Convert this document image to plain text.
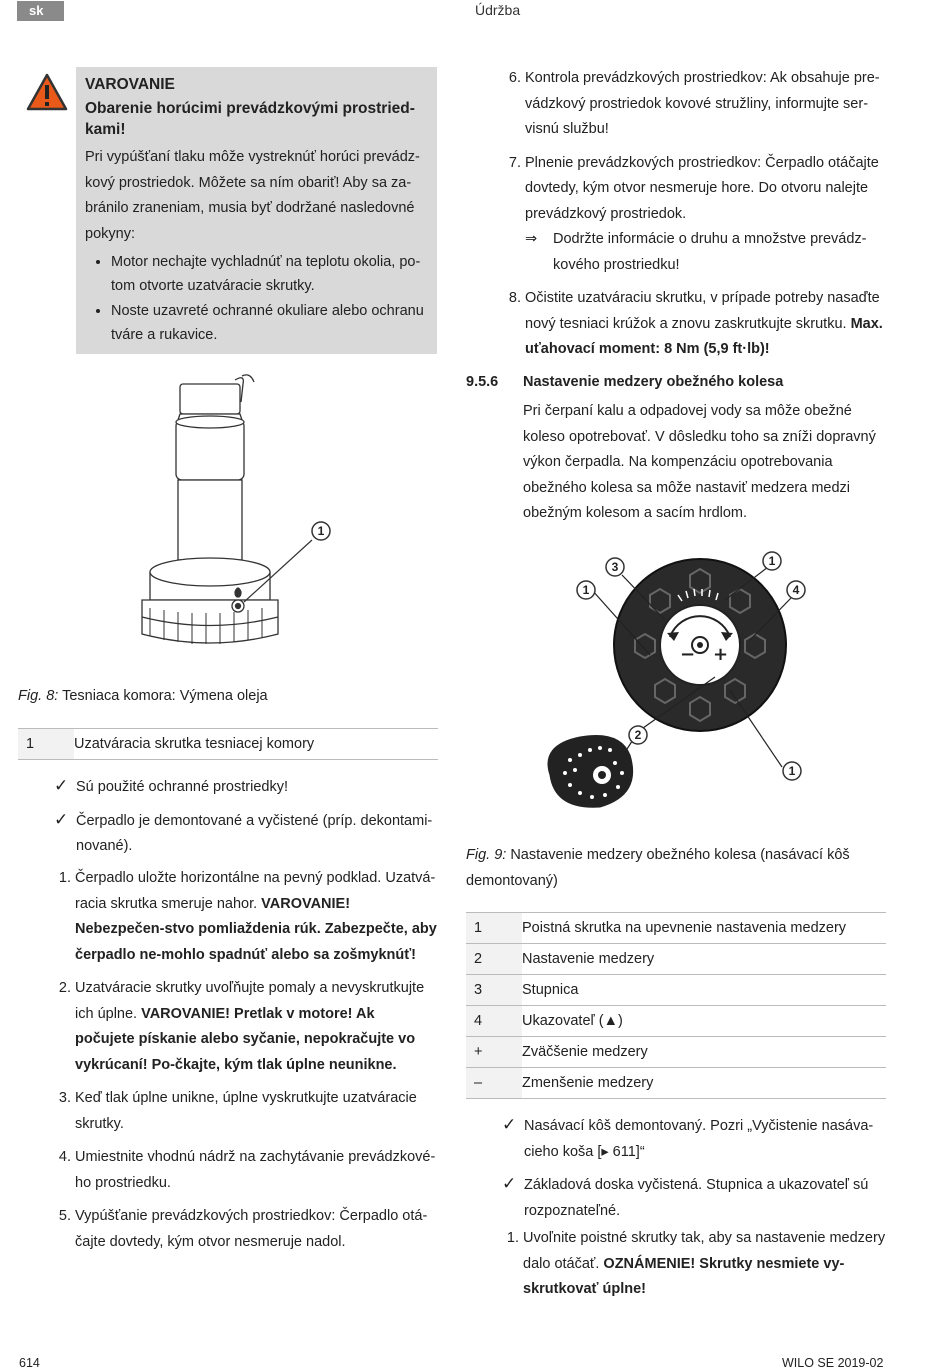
sk	Údržba
VAROVANIE
Obarenie horúcimi prevádzkovými prostried-kami!
Pri vypúšťaní tlaku môže vystreknúť horúci prevádz-kový prostriedok. Môžete sa ním obariť! Aby sa za-bránilo zraneniam, musia byť dodržané nasledovné pokyny:
• Motor nechajte vychladnúť na teplotu okolia, po-tom otvorte uzatváracie skrutky.
• Noste uzavreté ochranné okuliare alebo ochranu tváre a rukavice.
1
Fig. 8: Tesniaca komora: Výmena oleja
1	Uzatváracia skrutka tesniacej komory
✓ Sú použité ochranné prostriedky!
✓ Čerpadlo je demontované a vyčistené (príp. dekontami-nované).
1. Čerpadlo uložte horizontálne na pevný podklad. Uzatvá-racia skrutka smeruje nahor. VAROVANIE! Nebezpečen-stvo pomliaždenia rúk. Zabezpečte, aby čerpadlo ne-mohlo spadnúť alebo sa zošmyknúť!
2. Uzatváracie skrutky uvoľňujte pomaly a nevyskrutkujte ich úplne. VAROVANIE! Pretlak v motore! Ak počujete pískanie alebo syčanie, nepokračujte vo vykrúcaní! Po-čkajte, kým tlak úplne neunikne.
3. Keď tlak úplne unikne, úplne vyskrutkujte uzatváracie skrutky.
4. Umiestnite vhodnú nádrž na zachytávanie prevádzkové-ho prostriedku.
5. Vypúšťanie prevádzkových prostriedkov: Čerpadlo otá-čajte dovtedy, kým otvor nesmeruje nadol.
6. Kontrola prevádzkových prostriedkov: Ak obsahuje pre-vádzkový prostriedok kovové stružliny, informujte ser-visnú službu!
7. Plnenie prevádzkových prostriedkov: Čerpadlo otáčajte dovtedy, kým otvor nesmeruje hore. Do otvoru nalejte prevádzkový prostriedok.
⇒ Dodržte informácie o druhu a množstve prevádz-kového prostriedku!
8. Očistite uzatváraciu skrutku, v prípade potreby nasaďte nový tesniaci krúžok a znovu zaskrutkujte skrutku. Max. uťahovací moment: 8 Nm (5,9 ft·lb)!
9.5.6 Nastavenie medzery obežného kolesa
Pri čerpaní kalu a odpadovej vody sa môže obežné koleso opotrebovať. V dôsledku toho sa zníži dopravný výkon čerpadla. Na kompenzáciu opotrebovania obežného kolesa sa môže nastaviť medzera medzi obežným kolesom a sacím hrdlom.
− +
3
1
1
4
2
1
Fig. 9: Nastavenie medzery obežného kolesa (nasávací kôš demontovaný)
1	Poistná skrutka na upevnenie nastavenia medzery
2	Nastavenie medzery
3	Stupnica
4	Ukazovateľ (▲)
+	Zväčšenie medzery
–	Zmenšenie medzery
✓ Nasávací kôš demontovaný. Pozri „Vyčistenie nasáva-cieho koša [▸ 611]“
✓ Základová doska vyčistená. Stupnica a ukazovateľ sú rozpoznateľné.
1. Uvoľnite poistné skrutky tak, aby sa nastavenie medzery dalo otáčať. OZNÁMENIE! Skrutky nesmiete vy-skrutkovať úplne!
614	WILO SE 2019-02
